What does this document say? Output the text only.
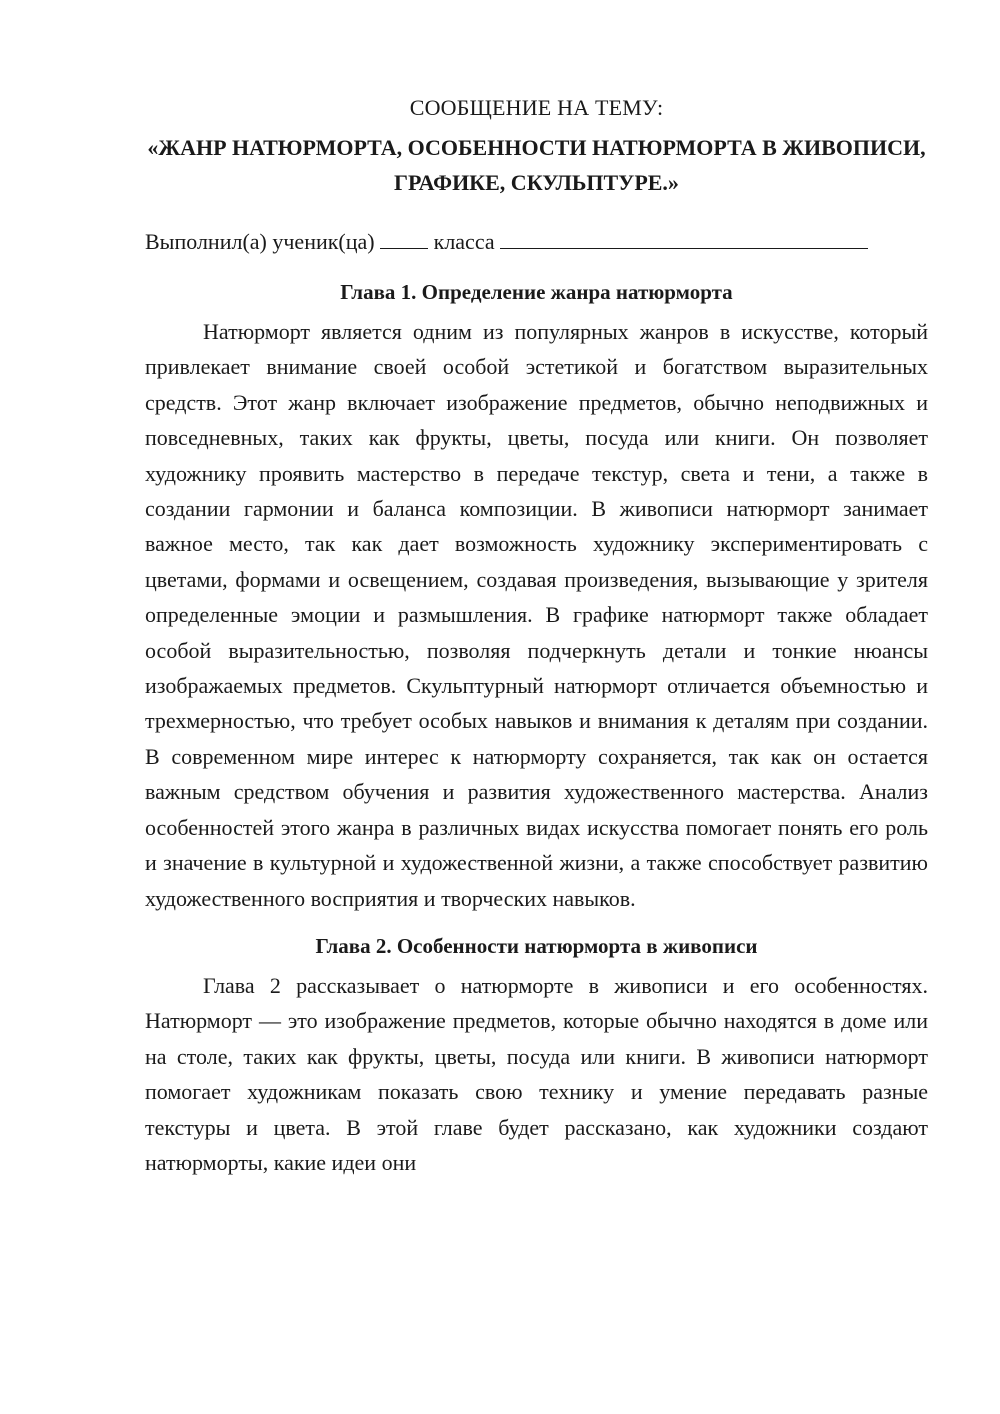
СООБЩЕНИЕ НА ТЕМУ:
«ЖАНР НАТЮРМОРТА, ОСОБЕННОСТИ НАТЮРМОРТА В ЖИВОПИСИ, ГРАФИКЕ, СКУЛЬПТУРЕ.»
Выполнил(а) ученик(ца)	класса
Глава 1. Определение жанра натюрморта

Натюрморт является одним из популярных жанров в искусстве, который привлекает внимание своей особой эстетикой и богатством выразительных средств. Этот жанр включает изображение предметов, обычно неподвижных и повседневных, таких как фрукты, цветы, посуда или книги. Он позволяет художнику проявить мастерство в передаче текстур, света и тени, а также в создании гармонии и баланса композиции. В живописи натюрморт занимает важное место, так как дает возможность художнику экспериментировать с цветами, формами и освещением, создавая произведения, вызывающие у зрителя определенные эмоции и размышления. В графике натюрморт также обладает особой выразительностью, позволяя подчеркнуть детали и тонкие нюансы изображаемых предметов. Скульптурный натюрморт отличается объемностью и трехмерностью, что требует особых навыков и внимания к деталям при создании. В современном мире интерес к натюрморту сохраняется, так как он остается важным средством обучения и развития художественного мастерства. Анализ особенностей этого жанра в различных видах искусства помогает понять его роль и значение в культурной и художественной жизни, а также способствует развитию художественного восприятия и творческих навыков.

Глава 2. Особенности натюрморта в живописи

Глава 2 рассказывает о натюрморте в живописи и его особенностях. Натюрморт — это изображение предметов, которые обычно находятся в доме или на столе, таких как фрукты, цветы, посуда или книги. В живописи натюрморт помогает художникам показать свою технику и умение передавать разные текстуры и цвета. В этой главе будет рассказано, как художники создают натюрморты, какие идеи они
